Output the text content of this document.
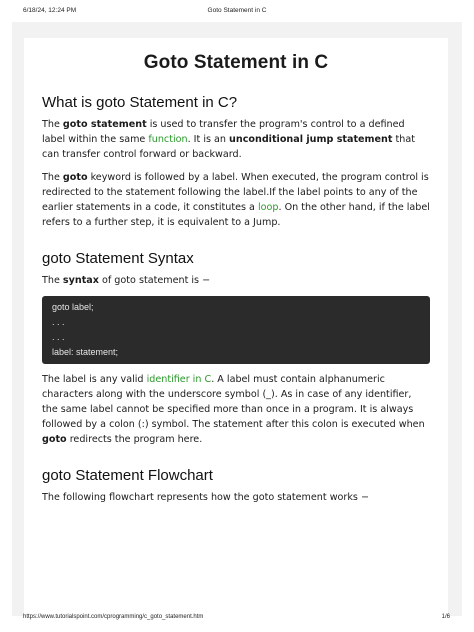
6/18/24, 12:24 PM	Goto Statement in C
Goto Statement in C
What is goto Statement in C?

The goto statement is used to transfer the program's control to a defined label within the same function. It is an unconditional jump statement that can transfer control forward or backward.

The goto keyword is followed by a label. When executed, the program control is redirected to the statement following the label.If the label points to any of the earlier statements in a code, it constitutes a loop. On the other hand, if the label refers to a further step, it is equivalent to a Jump.

goto Statement Syntax

The syntax of goto statement is −

goto label;
. . .
. . .
label: statement;

The label is any valid identifier in C. A label must contain alphanumeric characters along with the underscore symbol (_). As in case of any identifier, the same label cannot be specified more than once in a program. It is always followed by a colon (:) symbol. The statement after this colon is executed when goto redirects the program here.

goto Statement Flowchart

The following flowchart represents how the goto statement works −

https://www.tutorialspoint.com/cprogramming/c_goto_statement.htm	1/6
